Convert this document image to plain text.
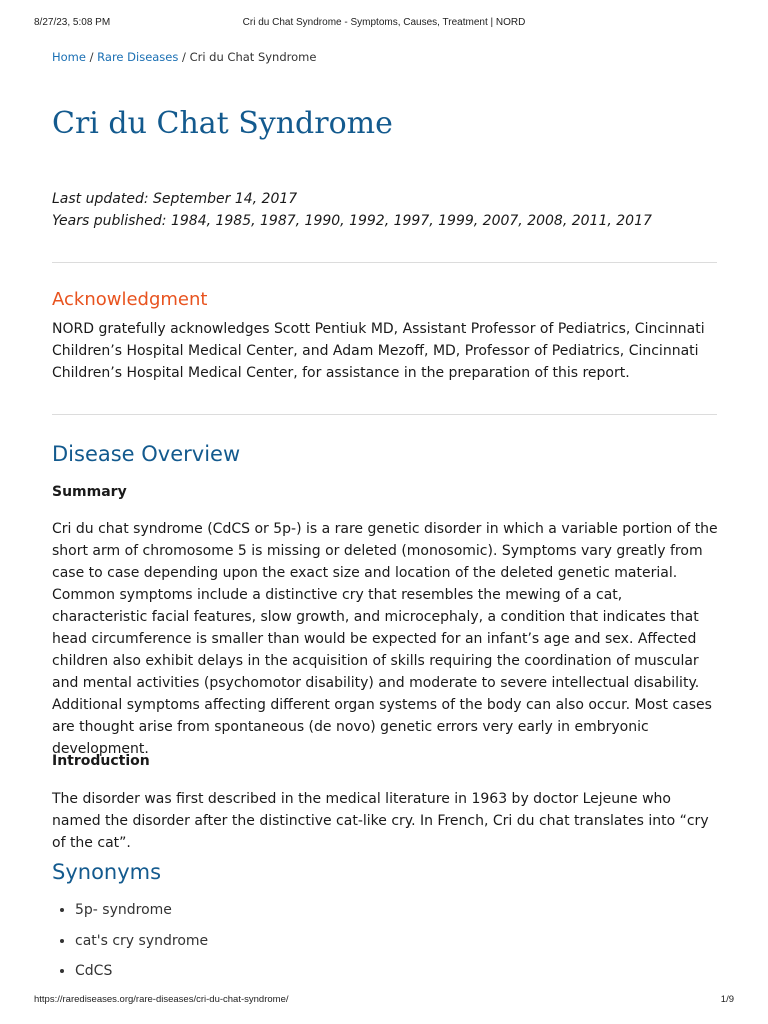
8/27/23, 5:08 PM	Cri du Chat Syndrome - Symptoms, Causes, Treatment | NORD
Home / Rare Diseases / Cri du Chat Syndrome
Cri du Chat Syndrome
Last updated: September 14, 2017
Years published: 1984, 1985, 1987, 1990, 1992, 1997, 1999, 2007, 2008, 2011, 2017
Acknowledgment

NORD gratefully acknowledges Scott Pentiuk MD, Assistant Professor of Pediatrics, Cincinnati Children’s Hospital Medical Center, and Adam Mezoff, MD, Professor of Pediatrics, Cincinnati Children’s Hospital Medical Center, for assistance in the preparation of this report.

Disease Overview
Summary

Cri du chat syndrome (CdCS or 5p-) is a rare genetic disorder in which a variable portion of the short arm of chromosome 5 is missing or deleted (monosomic). Symptoms vary greatly from case to case depending upon the exact size and location of the deleted genetic material. Common symptoms include a distinctive cry that resembles the mewing of a cat, characteristic facial features, slow growth, and microcephaly, a condition that indicates that head circumference is smaller than would be expected for an infant’s age and sex. Affected children also exhibit delays in the acquisition of skills requiring the coordination of muscular and mental activities (psychomotor disability) and moderate to severe intellectual disability. Additional symptoms affecting different organ systems of the body can also occur. Most cases are thought arise from spontaneous (de novo) genetic errors very early in embryonic development.

Introduction

The disorder was first described in the medical literature in 1963 by doctor Lejeune who named the disorder after the distinctive cat-like cry. In French, Cri du chat translates into “cry of the cat”.

Synonyms
• 5p- syndrome
• cat's cry syndrome
• CdCS
https://rarediseases.org/rare-diseases/cri-du-chat-syndrome/	1/9
